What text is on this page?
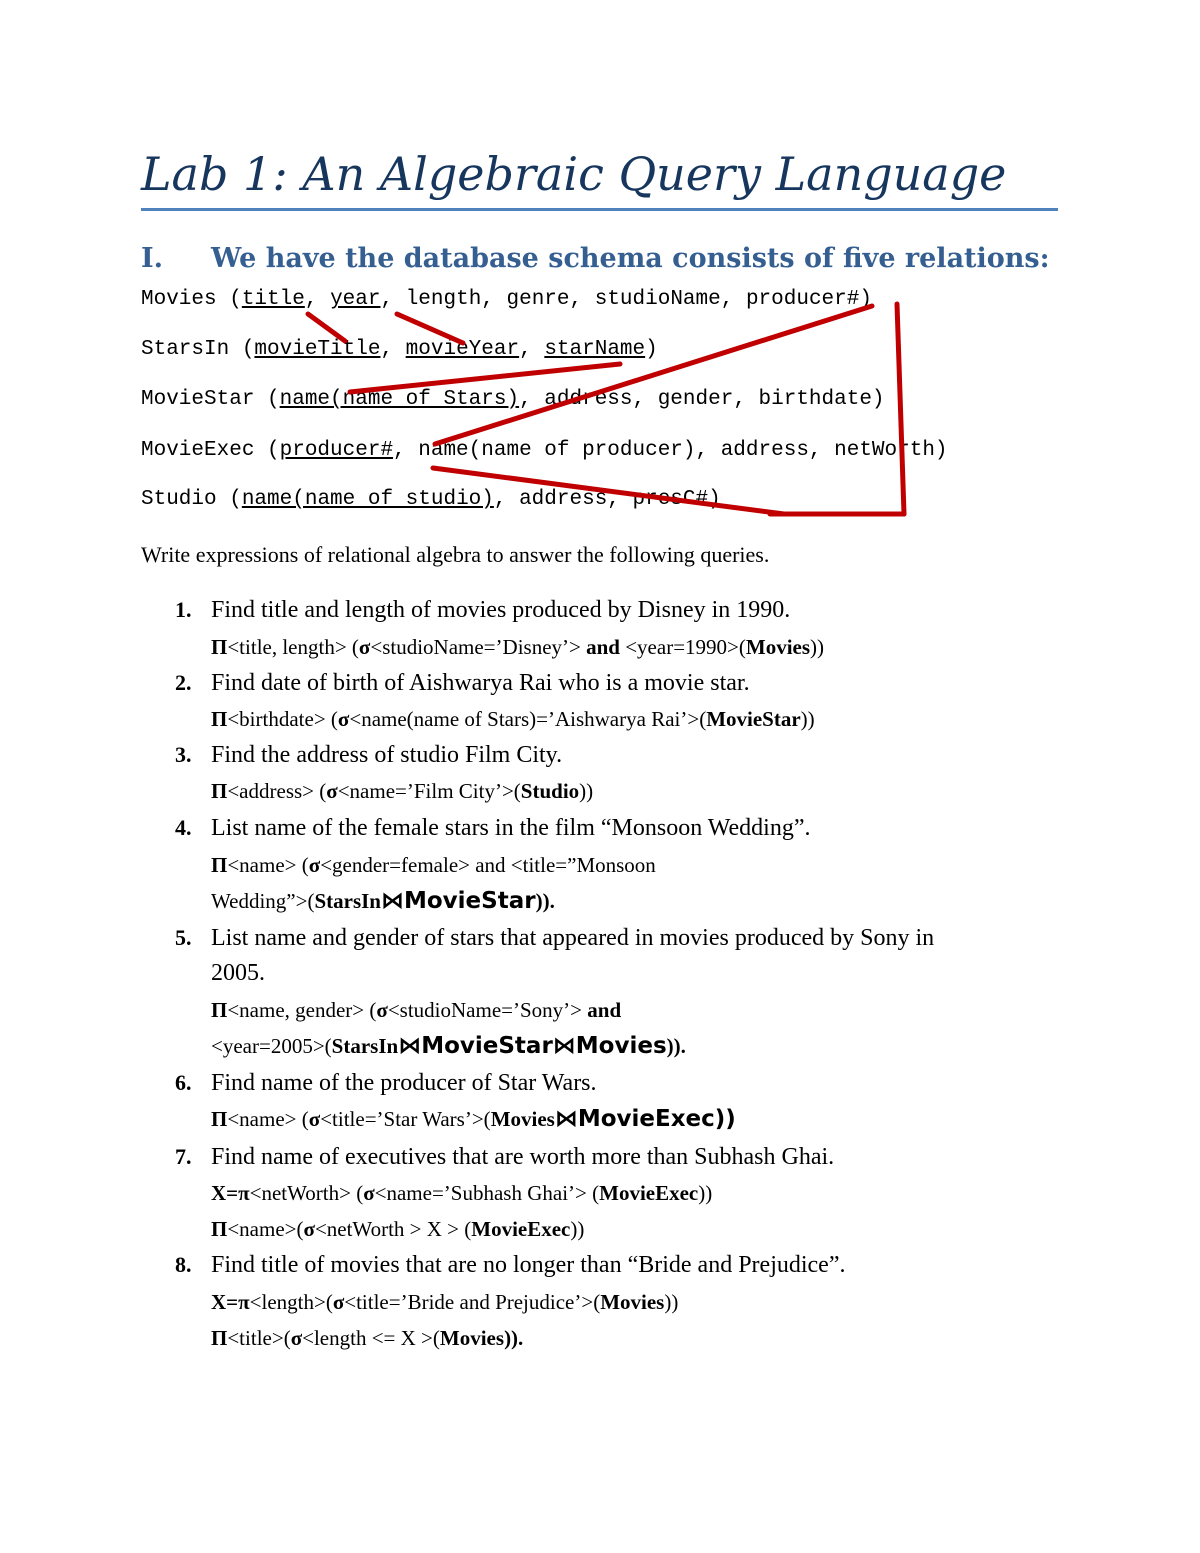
Lab 1: An Algebraic Query Language
I. We have the database schema consists of five relations:

Movies (title, year, length, genre, studioName, producer#)

StarsIn (movieTitle, movieYear, starName)

MovieStar (name(name of Stars), address, gender, birthdate)

MovieExec (producer#, name(name of producer), address, netWorth)

Studio (name(name of studio), address, presC#)

Write expressions of relational algebra to answer the following queries.

1. Find title and length of movies produced by Disney in 1990.

Π<title, length> (σ<studioName=’Disney’> and <year=1990>(Movies))

2. Find date of birth of Aishwarya Rai who is a movie star.

Π<birthdate> (σ<name(name of Stars)=’Aishwarya Rai’>(MovieStar))

3. Find the address of studio Film City.

Π<address> (σ<name=’Film City’>(Studio))

4. List name of the female stars in the film “Monsoon Wedding”.

Π<name> (σ<gender=female> and <title=”Monsoon

Wedding”>(StarsIn⋈MovieStar)).

5. List name and gender of stars that appeared in movies produced by Sony in

2005.

Π<name, gender> (σ<studioName=’Sony’> and

<year=2005>(StarsIn⋈MovieStar⋈Movies)).

6. Find name of the producer of Star Wars.

Π<name> (σ<title=’Star Wars’>(Movies⋈MovieExec))

7. Find name of executives that are worth more than Subhash Ghai.

X=π<netWorth> (σ<name=’Subhash Ghai’> (MovieExec))

Π<name>(σ<netWorth > X > (MovieExec))

8. Find title of movies that are no longer than “Bride and Prejudice”.

X=π<length>(σ<title=’Bride and Prejudice’>(Movies))

Π<title>(σ<length <= X >(Movies)).
